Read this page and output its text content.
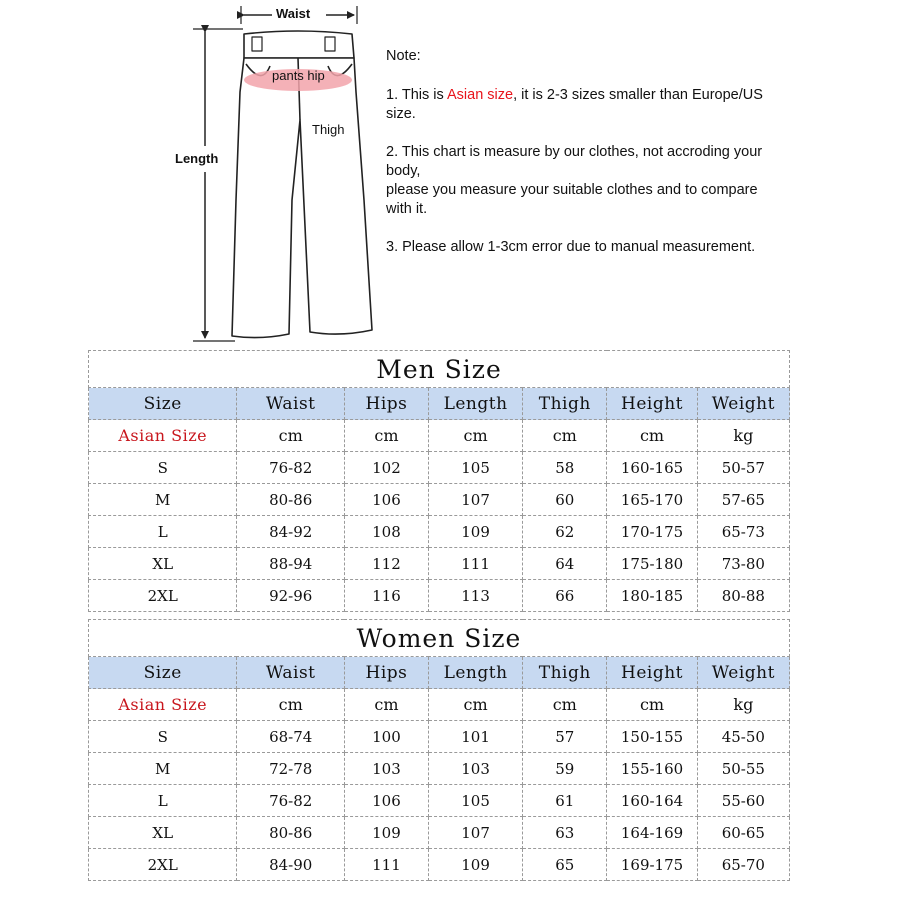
Waist
Length
pants hip
Thigh

Note:

1. This is Asian size, it is 2-3 sizes smaller than Europe/US size.

2. This chart is measure by our clothes, not accroding your body,
please you measure your suitable clothes and to compare with it.

3. Please allow 1-3cm error due to manual measurement.

Men Size						
Size	Waist	Hips	Length	Thigh	Height	Weight
Asian Size	cm	cm	cm	cm	cm	kg
S	76-82	102	105	58	160-165	50-57
M	80-86	106	107	60	165-170	57-65
L	84-92	108	109	62	170-175	65-73
XL	88-94	112	111	64	175-180	73-80
2XL	92-96	116	113	66	180-185	80-88
Women Size						
Size	Waist	Hips	Length	Thigh	Height	Weight
Asian Size	cm	cm	cm	cm	cm	kg
S	68-74	100	101	57	150-155	45-50
M	72-78	103	103	59	155-160	50-55
L	76-82	106	105	61	160-164	55-60
XL	80-86	109	107	63	164-169	60-65
2XL	84-90	111	109	65	169-175	65-70
